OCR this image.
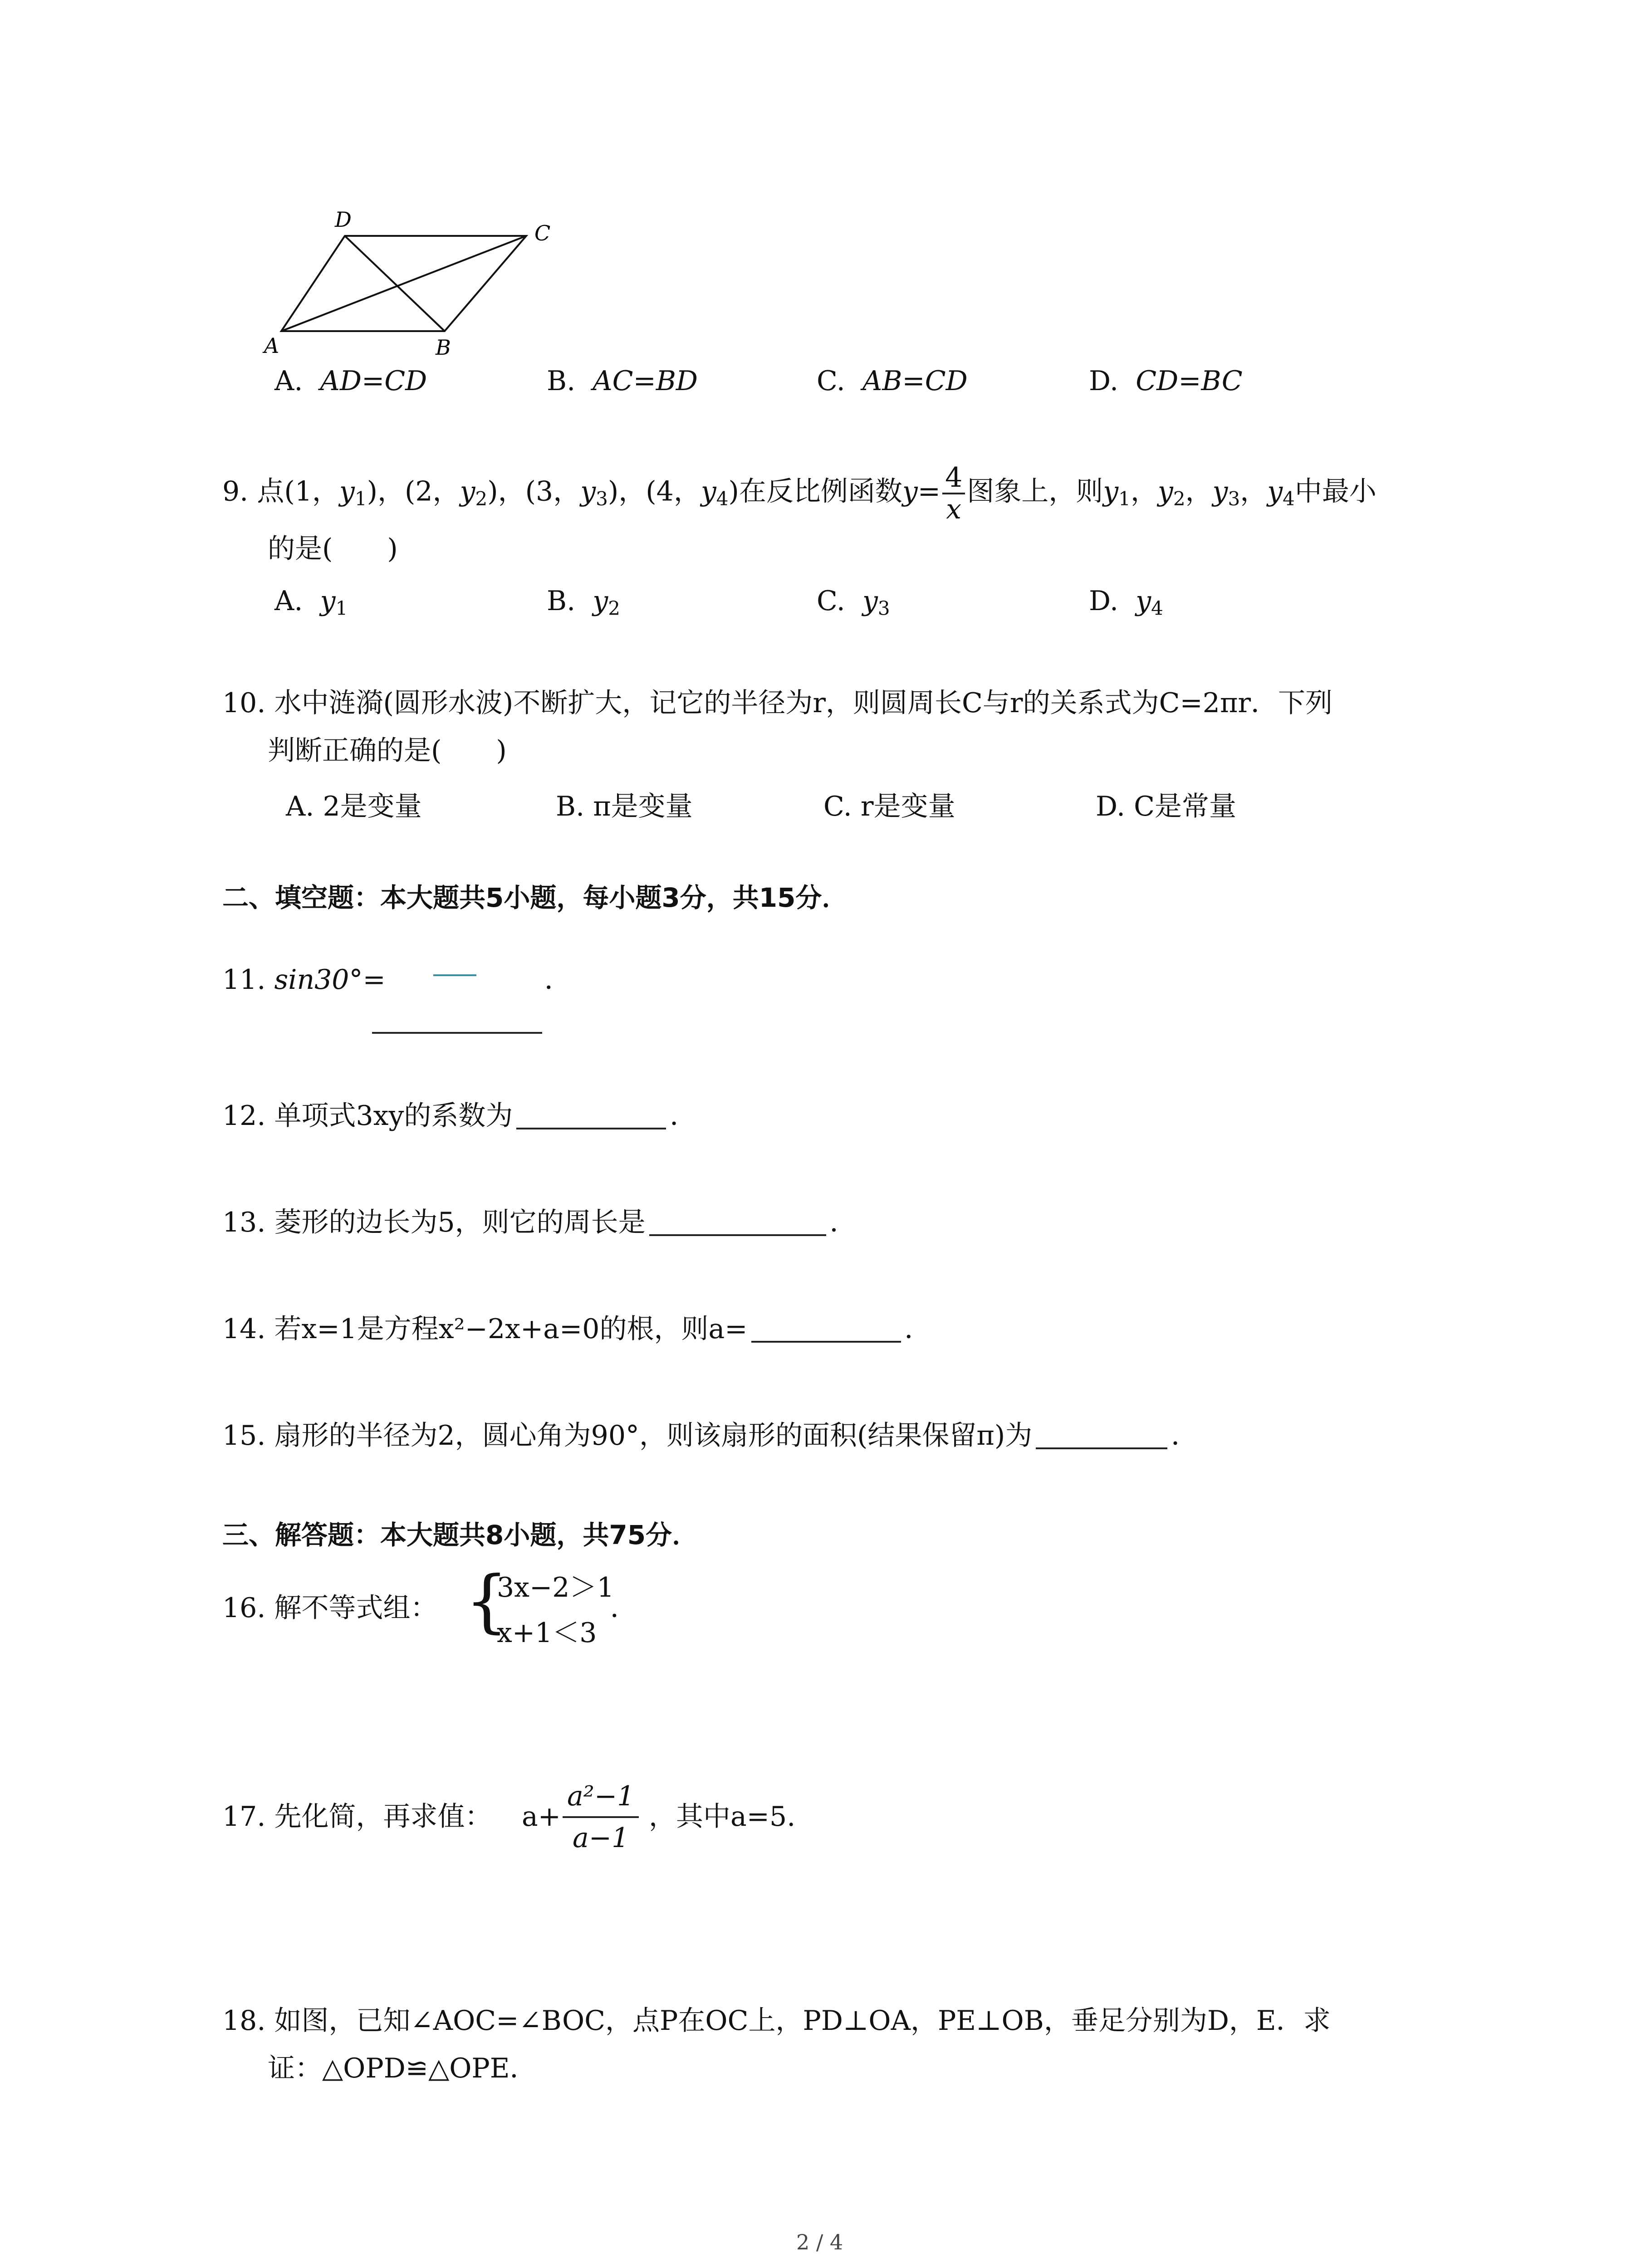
D
C
A	B
A. AD=CD	B. AC=BD	C. AB=CD	D. CD=BC
9. 点(1，$y_1$)，(2，$y_2$)，(3，$y_3$)，(4，$y_4$)在反比例函数$y= \frac{4}{x}$ 图象上，则$y_1$，$y_2$，$y_3$，$y_4$中最小
的是(　　)
A. $y_1$	B. $y_2$	C. $y_3$	D. $y_4$
10. 水中涟漪(圆形水波)不断扩大，记它的半径为r，则圆周长C与r的关系式为C=2πr．下列
判断正确的是(　　)
A. 2是变量	B. π是变量	C. r是变量	D. C是常量
二、填空题：本大题共5小题，每小题3分，共15分．
11. sin30°=	．
12. 单项式3xy的系数为	．
13. 菱形的边长为5，则它的周长是	．
14. 若x=1是方程x²−2x+a=0的根，则a=	．
15. 扇形的半径为2，圆心角为90°，则该扇形的面积(结果保留π)为	．
三、解答题：本大题共8小题，共75分．
16. 解不等式组： {
3x−2＞1
x+1＜3
．
17. 先化简，再求值： a+
a²−1
a−1
，其中a=5.
18. 如图，已知∠AOC=∠BOC，点P在OC上，PD⊥OA，PE⊥OB，垂足分别为D，E．求
证：△OPD≌△OPE．
2 / 4
